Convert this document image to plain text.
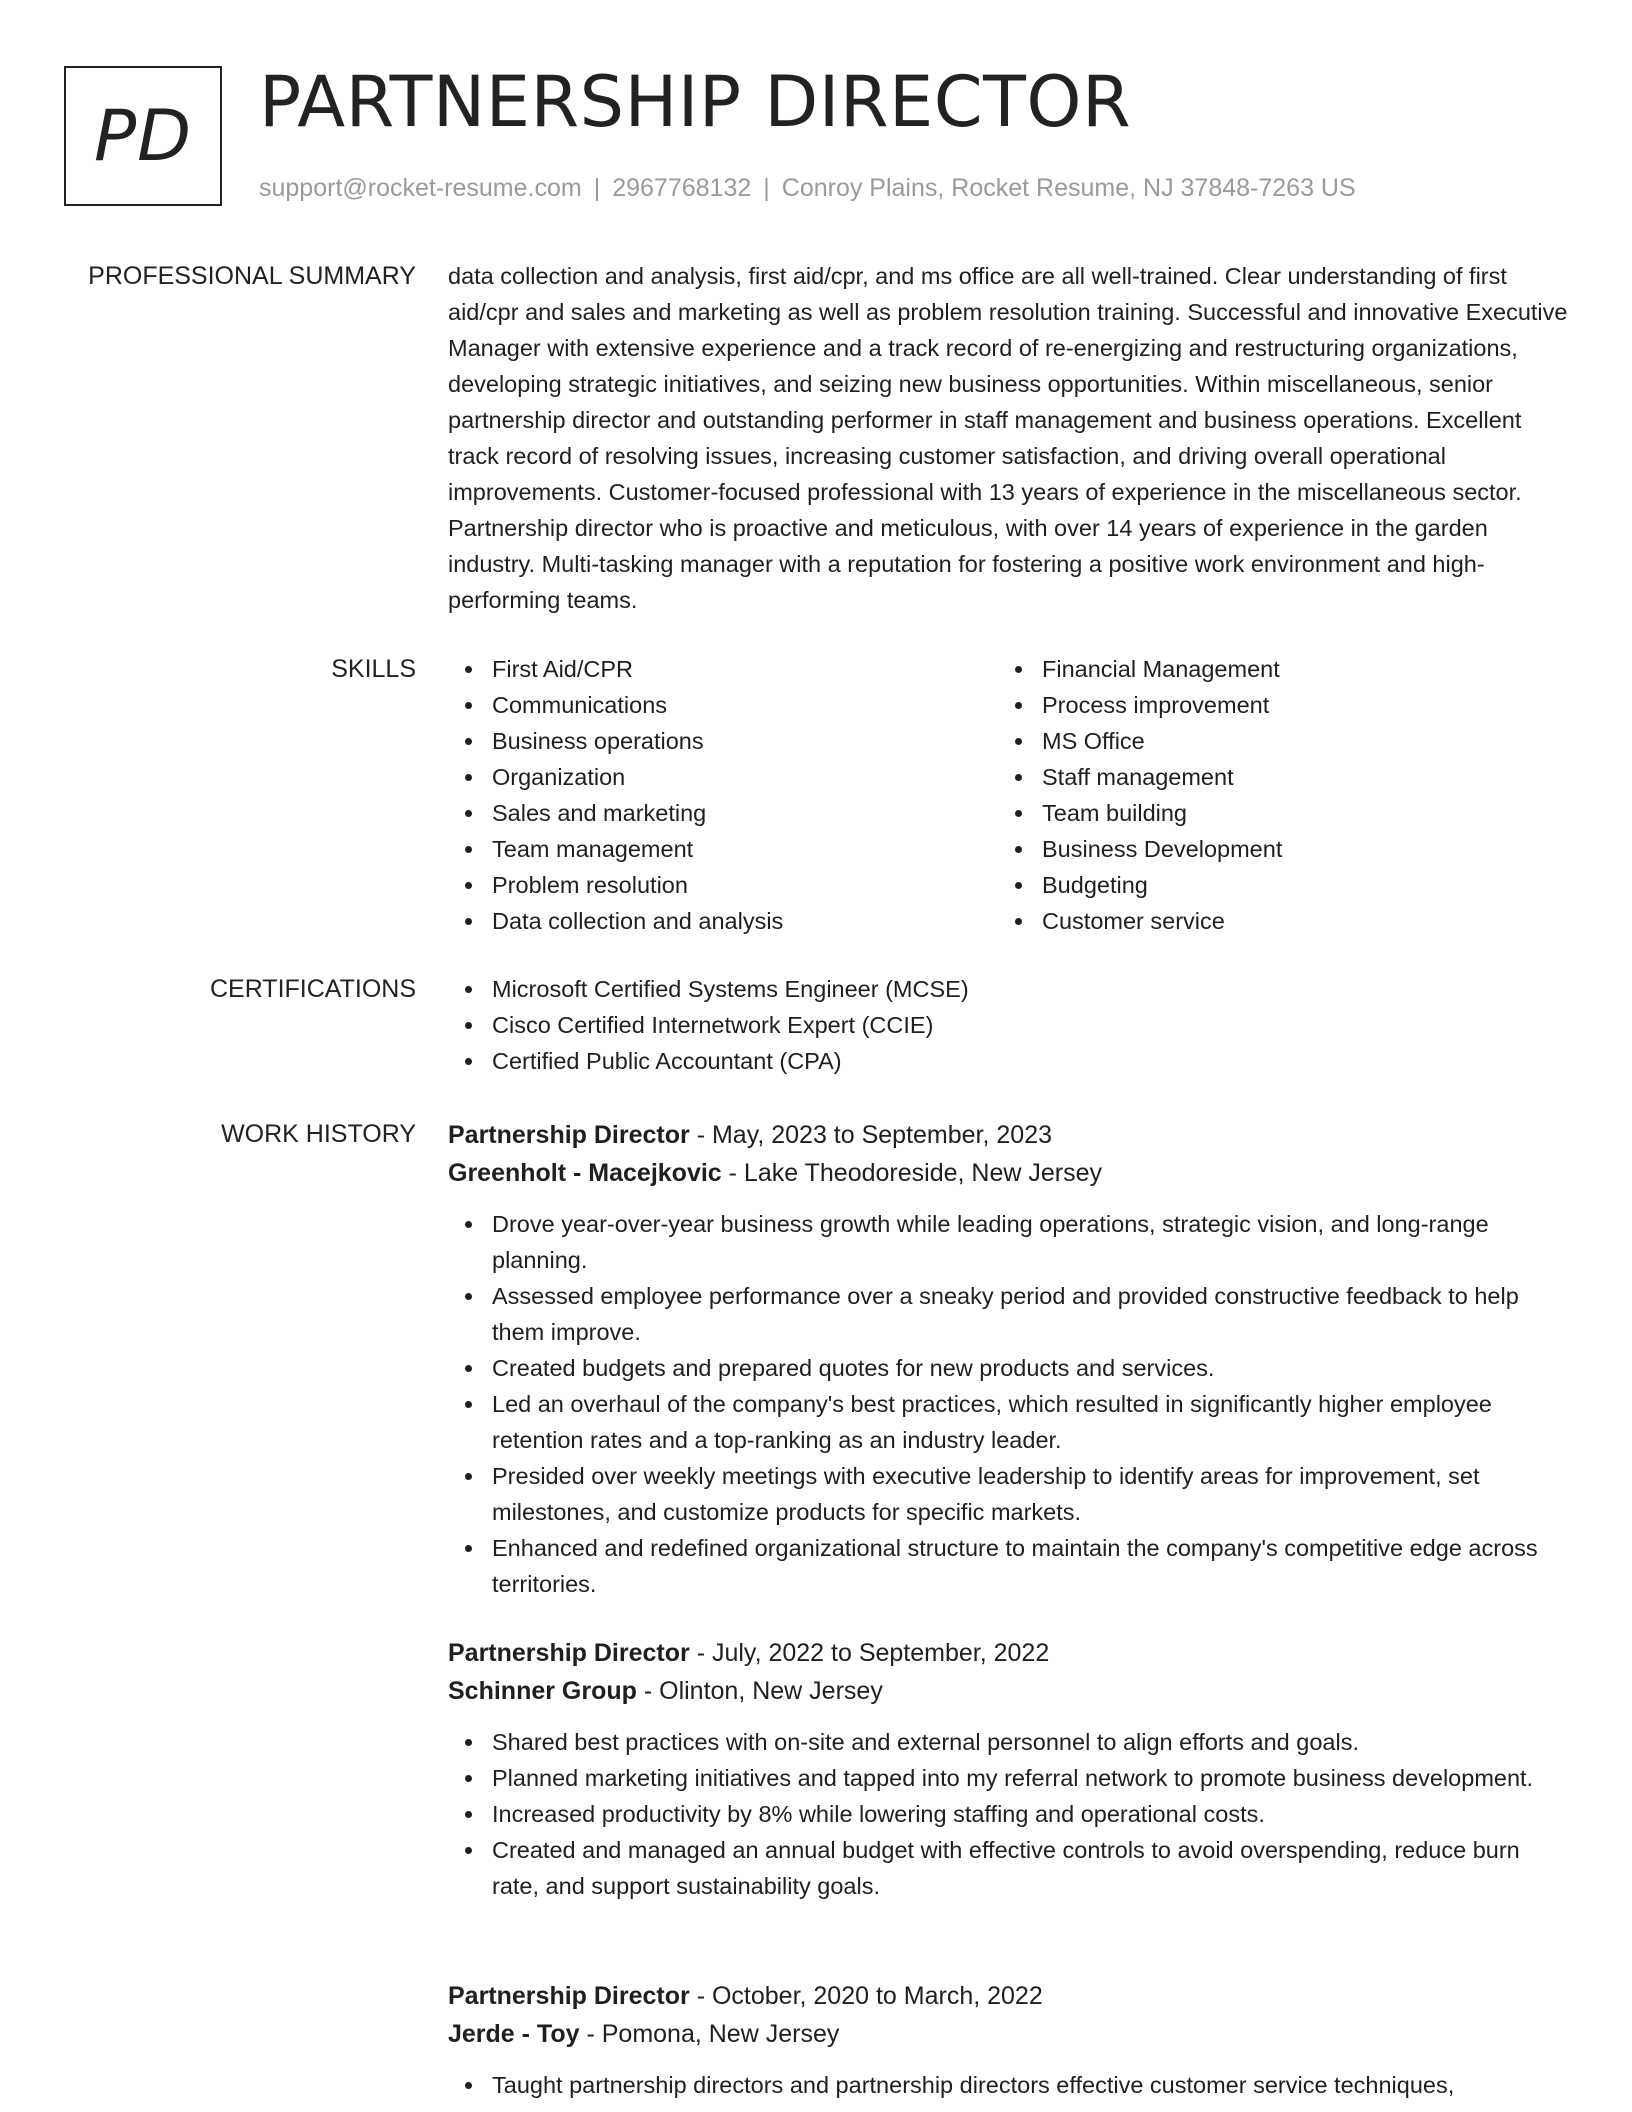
PD PARTNERSHIP DIRECTOR
support@rocket-resume.com | 2967768132 | Conroy Plains, Rocket Resume, NJ 37848-7263 US
PROFESSIONAL SUMMARY data collection and analysis, first aid/cpr, and ms office are all well-trained. Clear understanding of first aid/cpr and sales and marketing as well as problem resolution training. Successful and innovative Executive Manager with extensive experience and a track record of re-energizing and restructuring organizations, developing strategic initiatives, and seizing new business opportunities. Within miscellaneous, senior partnership director and outstanding performer in staff management and business operations. Excellent track record of resolving issues, increasing customer satisfaction, and driving overall operational improvements. Customer-focused professional with 13 years of experience in the miscellaneous sector. Partnership director who is proactive and meticulous, with over 14 years of experience in the garden industry. Multi-tasking manager with a reputation for fostering a positive work environment and high-performing teams.

SKILLS	First Aid/CPR
Communications
Business operations
Organization
Sales and marketing
Team management
Problem resolution
Data collection and analysis
Financial Management
Process improvement
MS Office
Staff management
Team building
Business Development
Budgeting
Customer service
CERTIFICATIONS	Microsoft Certified Systems Engineer (MCSE)
Cisco Certified Internetwork Expert (CCIE)
Certified Public Accountant (CPA)
WORK HISTORY Partnership Director - May, 2023 to September, 2023
Greenholt - Macejkovic - Lake Theodoreside, New Jersey
Drove year-over-year business growth while leading operations, strategic vision, and long-range planning.
Assessed employee performance over a sneaky period and provided constructive feedback to help them improve.
Created budgets and prepared quotes for new products and services.
Led an overhaul of the company's best practices, which resulted in significantly higher employee retention rates and a top-ranking as an industry leader.
Presided over weekly meetings with executive leadership to identify areas for improvement, set milestones, and customize products for specific markets.
Enhanced and redefined organizational structure to maintain the company's competitive edge across territories.
Partnership Director - July, 2022 to September, 2022
Schinner Group - Olinton, New Jersey
Shared best practices with on-site and external personnel to align efforts and goals.
Planned marketing initiatives and tapped into my referral network to promote business development.
Increased productivity by 8% while lowering staffing and operational costs.
Created and managed an annual budget with effective controls to avoid overspending, reduce burn rate, and support sustainability goals.
Partnership Director - October, 2020 to March, 2022
Jerde - Toy - Pomona, New Jersey
Taught partnership directors and partnership directors effective customer service techniques,
